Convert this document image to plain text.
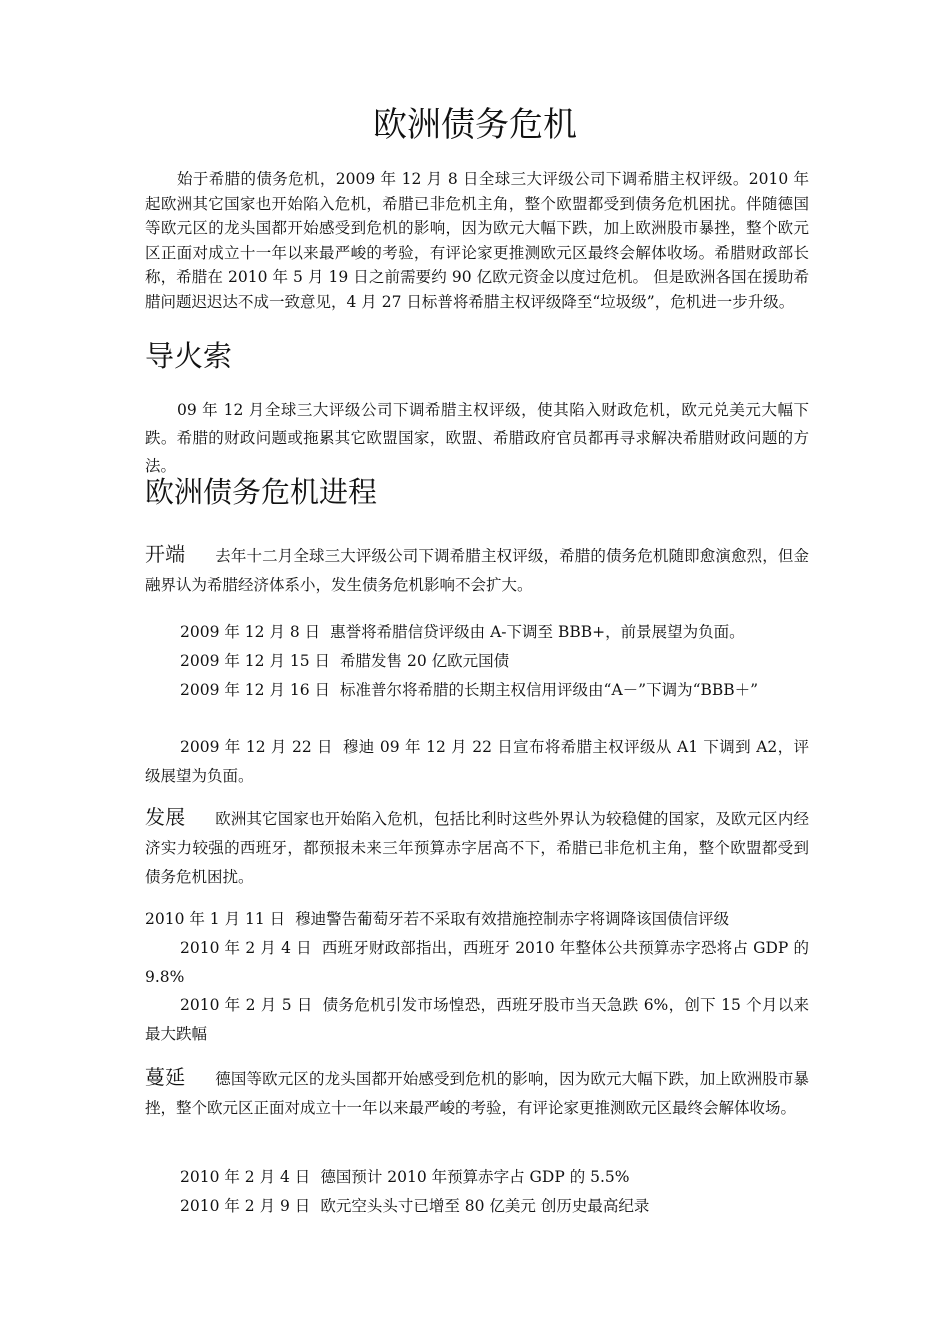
欧洲债务危机

始于希腊的债务危机，2009 年 12 月 8 日全球三大评级公司下调希腊主权评级。2010 年起欧洲其它国家也开始陷入危机，希腊已非危机主角，整个欧盟都受到债务危机困扰。伴随德国等欧元区的龙头国都开始感受到危机的影响，因为欧元大幅下跌，加上欧洲股市暴挫，整个欧元区正面对成立十一年以来最严峻的考验，有评论家更推测欧元区最终会解体收场。希腊财政部长称，希腊在 2010 年 5 月 19 日之前需要约 90 亿欧元资金以度过危机。 但是欧洲各国在援助希腊问题迟迟达不成一致意见，4 月 27 日标普将希腊主权评级降至“垃圾级”，危机进一步升级。

导火索

09 年 12 月全球三大评级公司下调希腊主权评级，使其陷入财政危机，欧元兑美元大幅下跌。希腊的财政问题或拖累其它欧盟国家，欧盟、希腊政府官员都再寻求解决希腊财政问题的方法。

欧洲债务危机进程

开端 去年十二月全球三大评级公司下调希腊主权评级，希腊的债务危机随即愈演愈烈，但金融界认为希腊经济体系小，发生债务危机影响不会扩大。

2009 年 12 月 8 日 惠誉将希腊信贷评级由 A-下调至 BBB+，前景展望为负面。

2009 年 12 月 15 日 希腊发售 20 亿欧元国债

2009 年 12 月 16 日 标准普尔将希腊的长期主权信用评级由“A－”下调为“BBB＋”

2009 年 12 月 22 日 穆迪 09 年 12 月 22 日宣布将希腊主权评级从 A1 下调到 A2，评级展望为负面。

发展 欧洲其它国家也开始陷入危机，包括比利时这些外界认为较稳健的国家，及欧元区内经济实力较强的西班牙，都预报未来三年预算赤字居高不下，希腊已非危机主角，整个欧盟都受到债务危机困扰。

2010 年 1 月 11 日 穆迪警告葡萄牙若不采取有效措施控制赤字将调降该国债信评级

2010 年 2 月 4 日 西班牙财政部指出，西班牙 2010 年整体公共预算赤字恐将占 GDP 的 9.8%

2010 年 2 月 5 日 债务危机引发市场惶恐，西班牙股市当天急跌 6%，创下 15 个月以来最大跌幅

蔓延 德国等欧元区的龙头国都开始感受到危机的影响，因为欧元大幅下跌，加上欧洲股市暴挫，整个欧元区正面对成立十一年以来最严峻的考验，有评论家更推测欧元区最终会解体收场。

2010 年 2 月 4 日 德国预计 2010 年预算赤字占 GDP 的 5.5%

2010 年 2 月 9 日 欧元空头头寸已增至 80 亿美元 创历史最高纪录
